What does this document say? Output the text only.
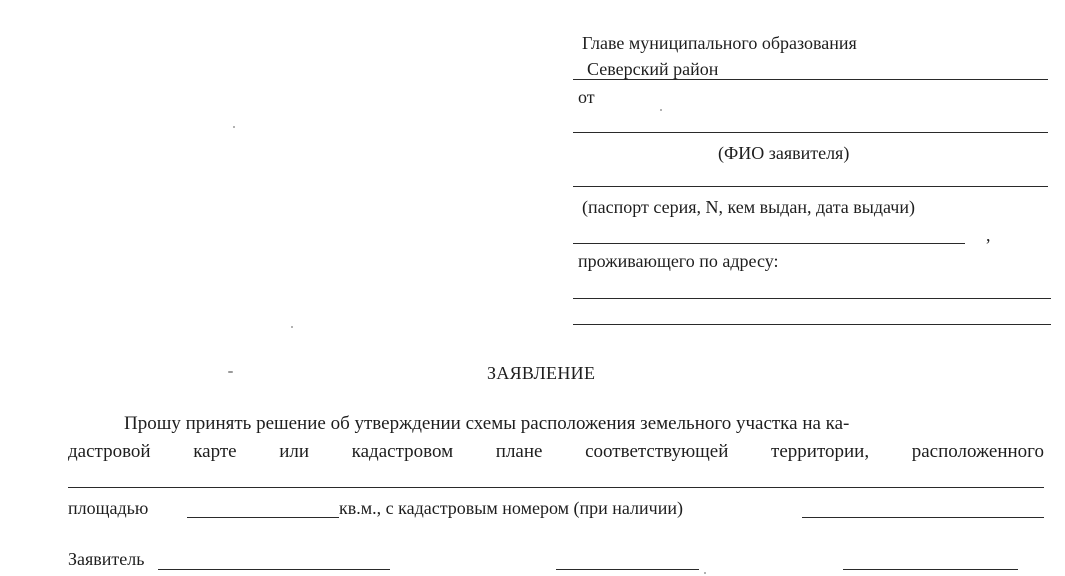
Главе муниципального образования
Северский район
от
(ФИО заявителя)
(паспорт серия, N, кем выдан, дата выдачи)
,
проживающего по адресу:
ЗАЯВЛЕНИЕ
Прошу принять решение об утверждении схемы расположения земельного участка на ка-
дастровой карте или кадастровом плане соответствующей территории, расположенного
площадью	кв.м., с кадастровым номером (при наличии)
Заявитель
